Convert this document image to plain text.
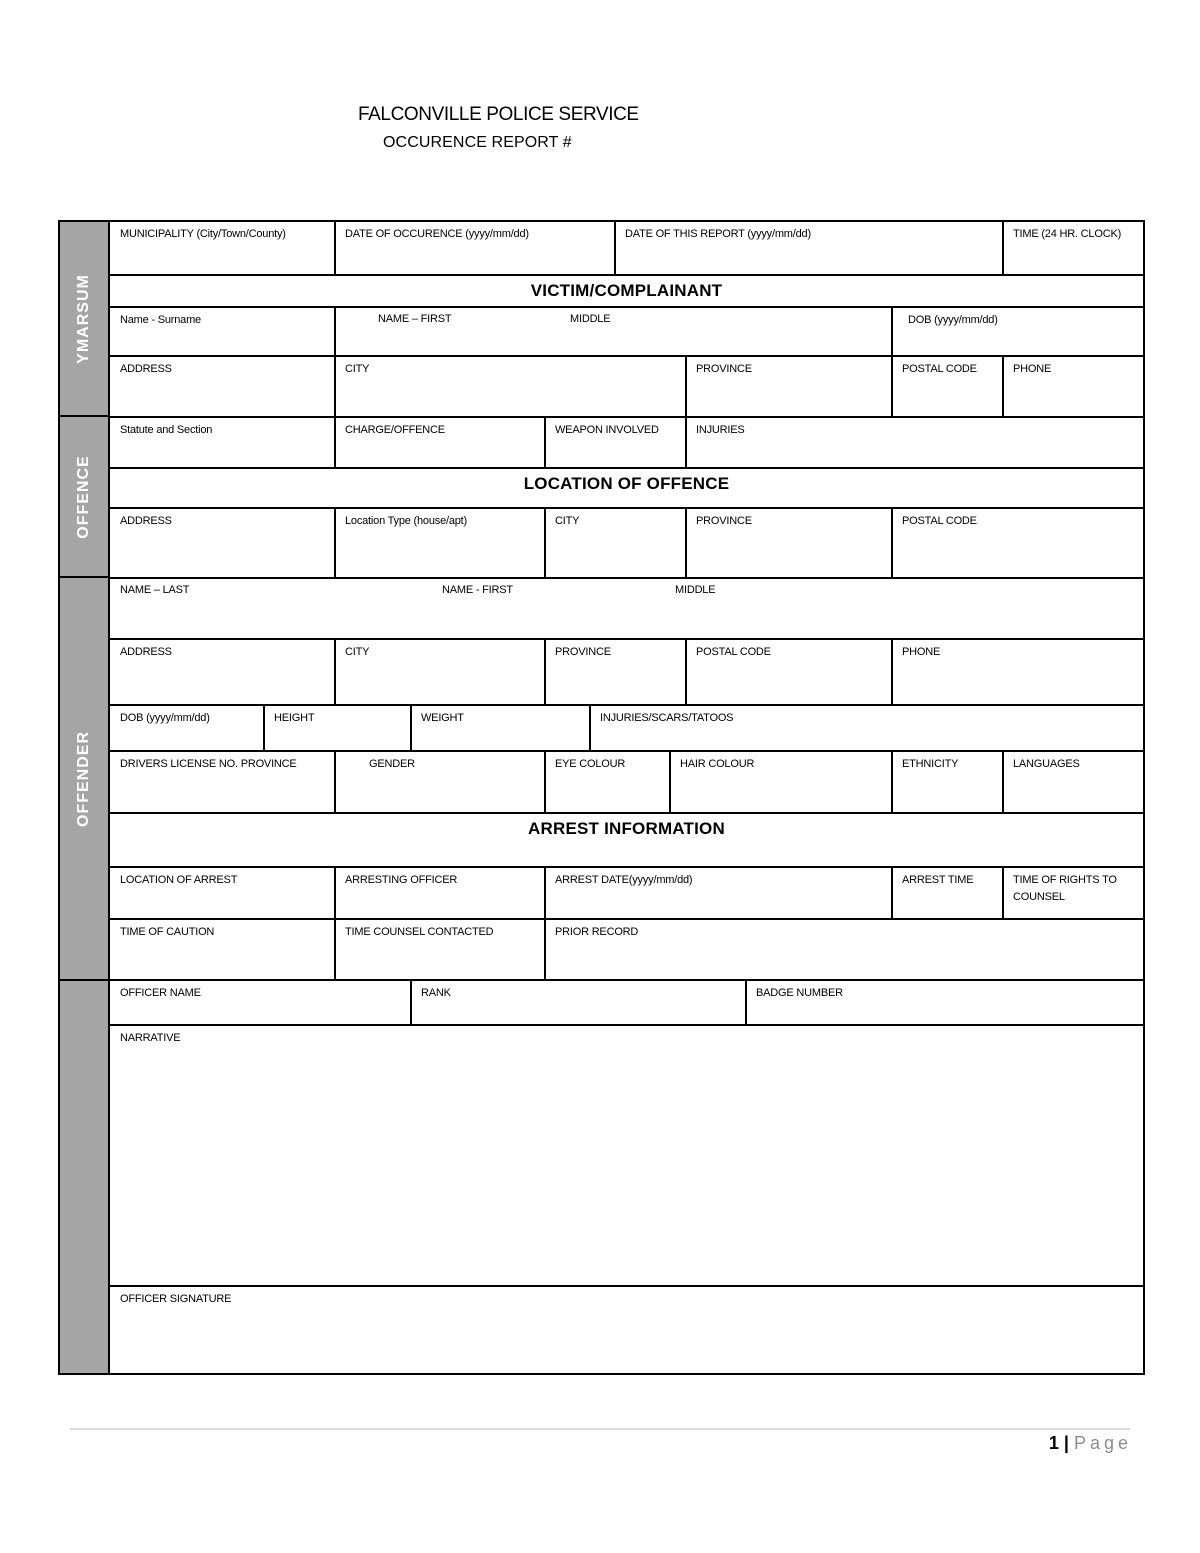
FALCONVILLE POLICE SERVICE
OCCURENCE REPORT #
YMARSUM
OFFENCE
OFFENDER
MUNICIPALITY (City/Town/County)	DATE OF OCCURENCE (yyyy/mm/dd)	DATE OF THIS REPORT (yyyy/mm/dd)	TIME (24 HR. CLOCK)
VICTIM/COMPLAINANT
Name - Surname	NAME – FIRST	MIDDLE	DOB (yyyy/mm/dd)
ADDRESS	CITY	PROVINCE	POSTAL CODE	PHONE
Statute and Section	CHARGE/OFFENCE	WEAPON INVOLVED	INJURIES
LOCATION OF OFFENCE
ADDRESS	Location Type (house/apt)	CITY	PROVINCE	POSTAL CODE
NAME – LAST	NAME - FIRST	MIDDLE
ADDRESS	CITY	PROVINCE	POSTAL CODE	PHONE
DOB (yyyy/mm/dd)	HEIGHT	WEIGHT	INJURIES/SCARS/TATOOS
DRIVERS LICENSE NO. PROVINCE	GENDER	EYE COLOUR	HAIR COLOUR	ETHNICITY	LANGUAGES
ARREST INFORMATION
LOCATION OF ARREST	ARRESTING OFFICER	ARREST DATE(yyyy/mm/dd)	ARREST TIME	TIME OF RIGHTS TO COUNSEL
TIME OF CAUTION	TIME COUNSEL CONTACTED	PRIOR RECORD
OFFICER NAME	RANK	BADGE NUMBER
NARRATIVE
OFFICER SIGNATURE
1 | Page
